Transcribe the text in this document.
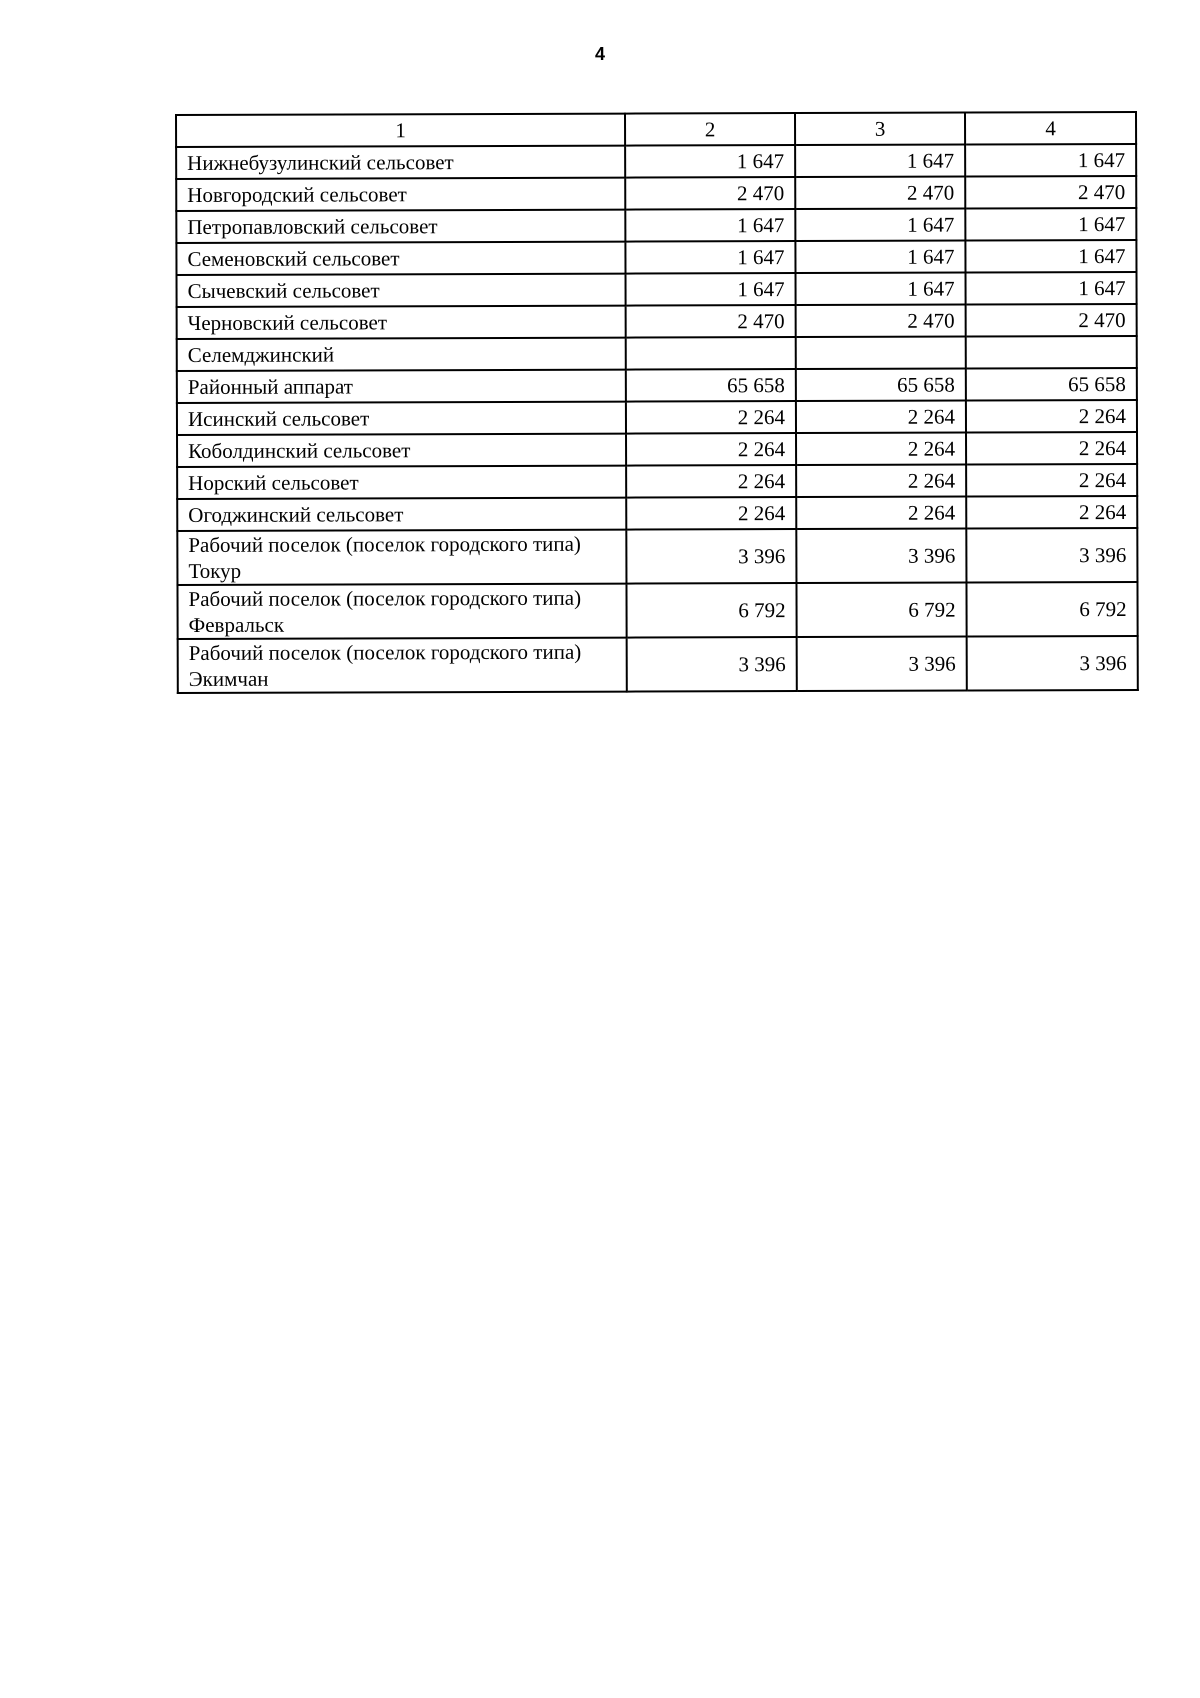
4
1	2	3	4
Нижнебузулинский сельсовет	1 647	1 647	1 647
Новгородский сельсовет	2 470	2 470	2 470
Петропавловский сельсовет	1 647	1 647	1 647
Семеновский сельсовет	1 647	1 647	1 647
Сычевский сельсовет	1 647	1 647	1 647
Черновский сельсовет	2 470	2 470	2 470
Селемджинский			
Районный аппарат	65 658	65 658	65 658
Исинский сельсовет	2 264	2 264	2 264
Коболдинский сельсовет	2 264	2 264	2 264
Норский сельсовет	2 264	2 264	2 264
Огоджинский сельсовет	2 264	2 264	2 264
Рабочий поселок (поселок городского типа) Токур	3 396	3 396	3 396
Рабочий поселок (поселок городского типа) Февральск	6 792	6 792	6 792
Рабочий поселок (поселок городского типа) Экимчан	3 396	3 396	3 396
